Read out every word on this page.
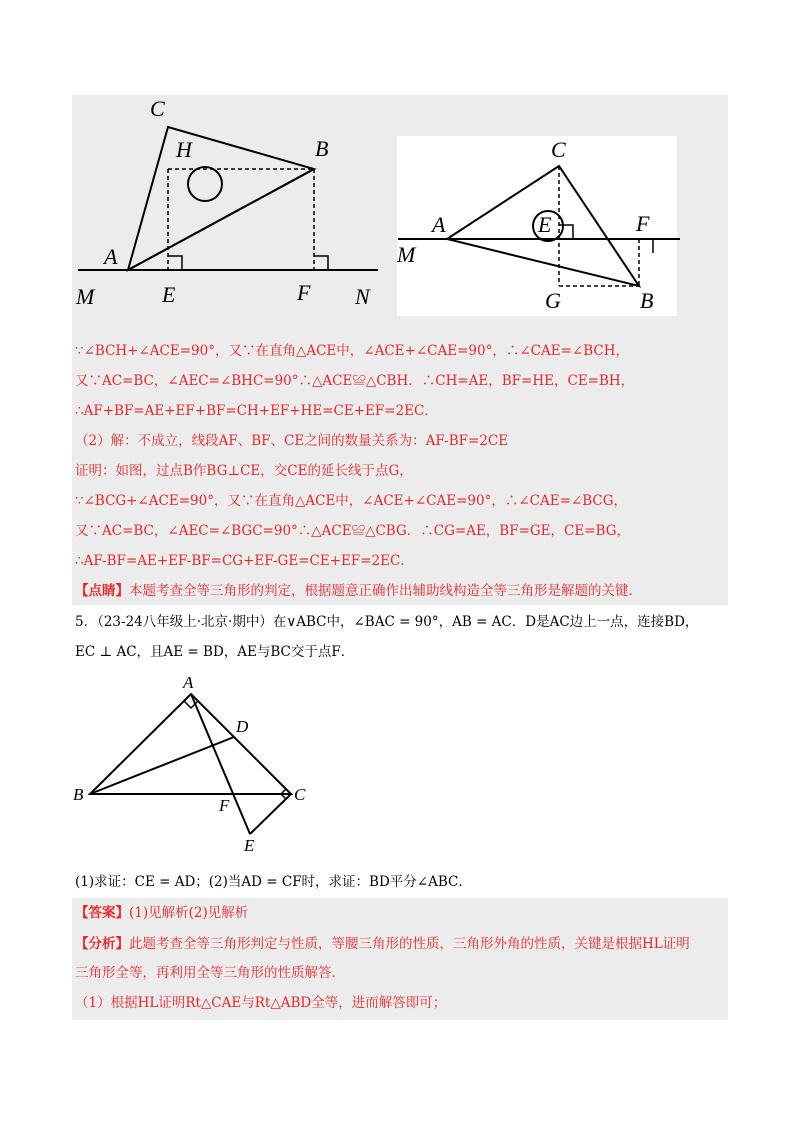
C
H	B
A
M	E	F N
C
A	E	F
M
G	B
∵∠BCH+∠ACE=90°，又∵在直角△ACE中，∠ACE+∠CAE=90°，∴∠CAE=∠BCH，
又∵AC=BC，∠AEC=∠BHC=90°∴△ACE≌△CBH．∴CH=AE，BF=HE，CE=BH，
∴AF+BF=AE+EF+BF=CH+EF+HE=CE+EF=2EC．
（2）解：不成立，线段AF、BF、CE之间的数量关系为：AF-BF=2CE
证明：如图，过点B作BG⊥CE，交CE的延长线于点G，
∵∠BCG+∠ACE=90°，又∵在直角△ACE中，∠ACE+∠CAE=90°，∴∠CAE=∠BCG，
又∵AC=BC，∠AEC=∠BGC=90°∴△ACE≌△CBG．∴CG=AE，BF=GE，CE=BG，
∴AF-BF=AE+EF-BF=CG+EF-GE=CE+EF=2EC．
【点睛】本题考查全等三角形的判定，根据题意正确作出辅助线构造全等三角形是解题的关键．
5．（23-24八年级上·北京·期中）在∨ABC中，∠BAC = 90°，AB = AC．D是AC边上一点，连接BD，
EC ⊥ AC，且AE = BD，AE与BC交于点F．
A
D
B
F
C
E
(1)求证：CE = AD；(2)当AD = CF时，求证：BD平分∠ABC．
【答案】(1)见解析(2)见解析
【分析】此题考查全等三角形判定与性质，等腰三角形的性质，三角形外角的性质，关键是根据HL证明
三角形全等，再利用全等三角形的性质解答．
（1）根据HL证明Rt△CAE与Rt△ABD全等，进而解答即可；
